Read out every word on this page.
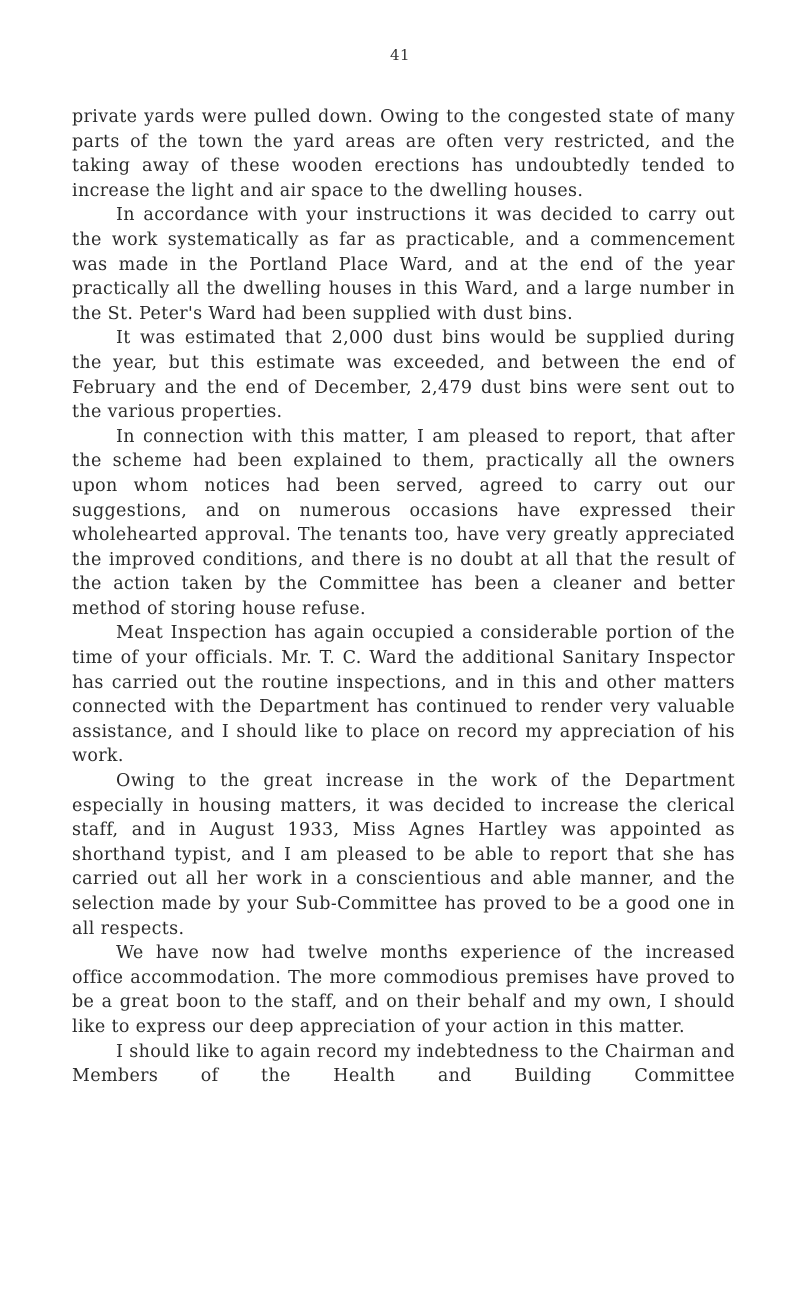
41

private yards were pulled down. Owing to the congested state of many parts of the town the yard areas are often very restricted, and the taking away of these wooden erections has undoubtedly tended to increase the light and air space to the dwelling houses.

In accordance with your instructions it was decided to carry out the work systematically as far as practicable, and a commencement was made in the Portland Place Ward, and at the end of the year practically all the dwelling houses in this Ward, and a large number in the St. Peter's Ward had been supplied with dust bins.

It was estimated that 2,000 dust bins would be supplied during the year, but this estimate was exceeded, and between the end of February and the end of December, 2,479 dust bins were sent out to the various properties.

In connection with this matter, I am pleased to report, that after the scheme had been explained to them, practically all the owners upon whom notices had been served, agreed to carry out our suggestions, and on numerous occasions have expressed their wholehearted approval. The tenants too, have very greatly appreciated the improved conditions, and there is no doubt at all that the result of the action taken by the Committee has been a cleaner and better method of storing house refuse.

Meat Inspection has again occupied a considerable portion of the time of your officials. Mr. T. C. Ward the additional Sanitary Inspector has carried out the routine inspections, and in this and other matters connected with the Department has continued to render very valuable assistance, and I should like to place on record my appreciation of his work.

Owing to the great increase in the work of the Department especially in housing matters, it was decided to increase the clerical staff, and in August 1933, Miss Agnes Hartley was appointed as shorthand typist, and I am pleased to be able to report that she has carried out all her work in a conscientious and able manner, and the selection made by your Sub-Committee has proved to be a good one in all respects.

We have now had twelve months experience of the increased office accommodation. The more commodious premises have proved to be a great boon to the staff, and on their behalf and my own, I should like to express our deep appreciation of your action in this matter.

I should like to again record my indebtedness to the Chairman and Members of the Health and Building Committee
